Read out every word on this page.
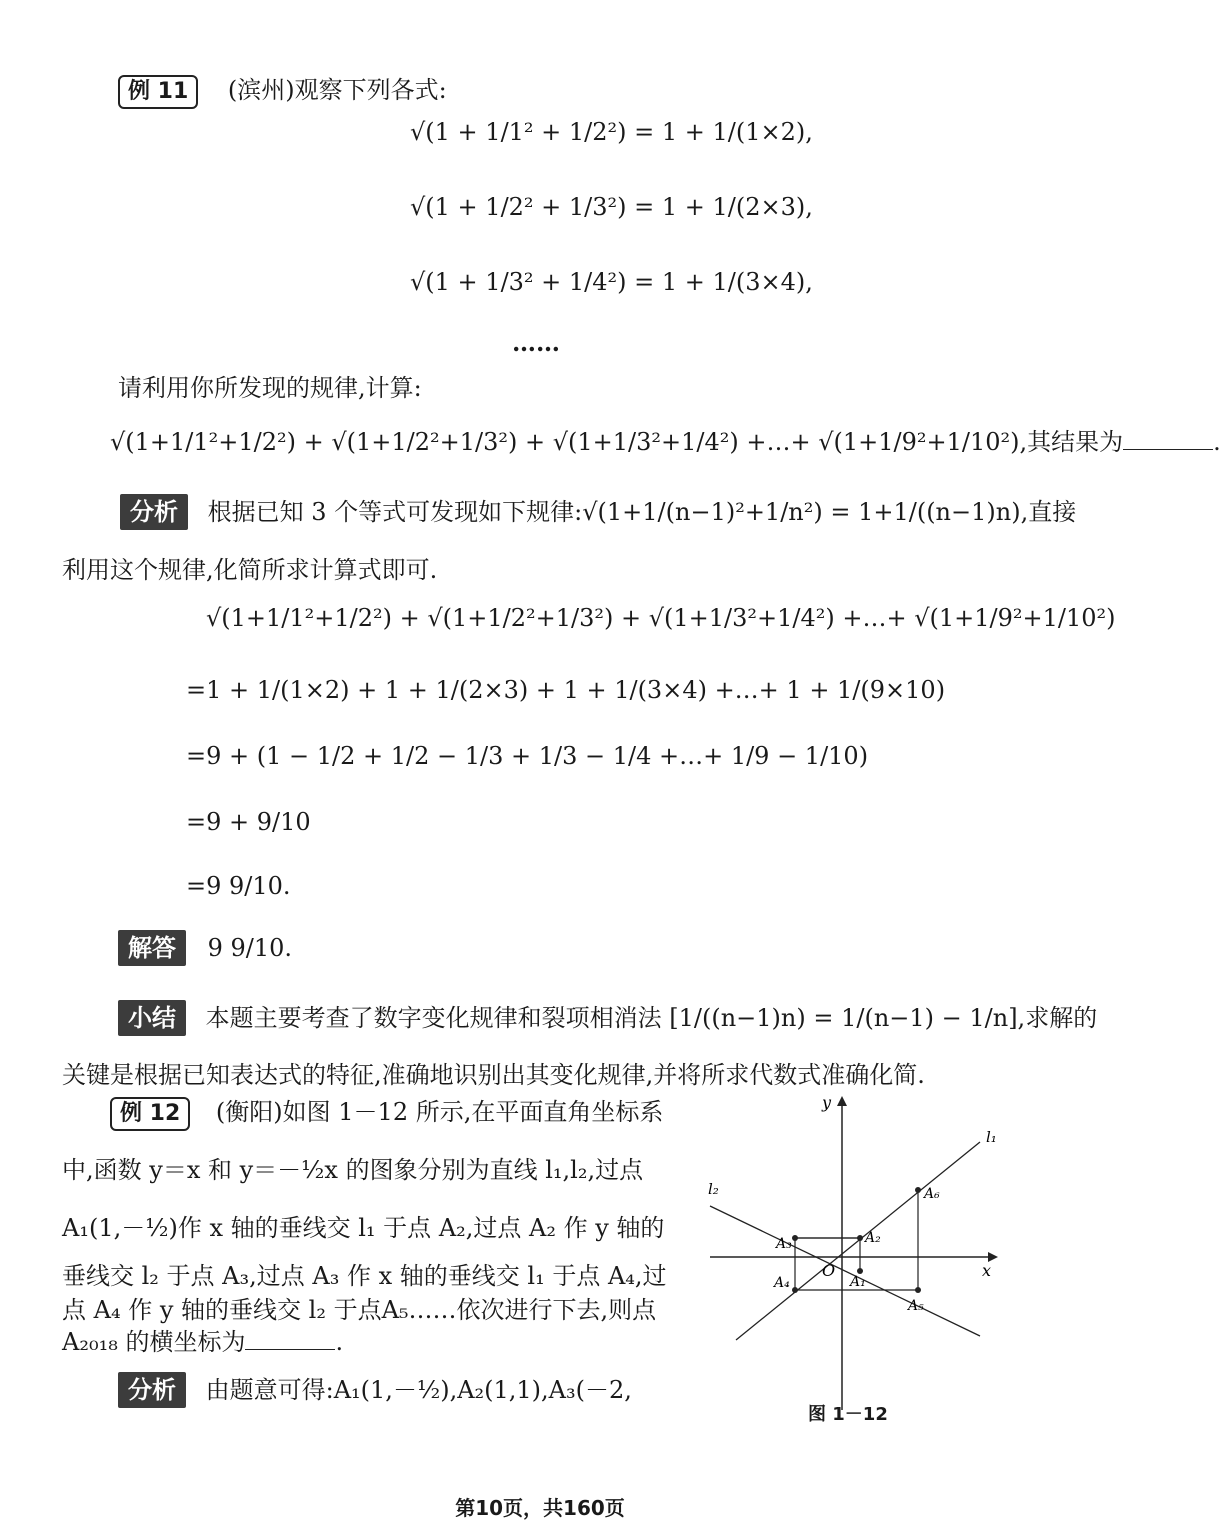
例 11 (滨州)观察下列各式:
√(1 + 1/1² + 1/2²) = 1 + 1/(1×2),
√(1 + 1/2² + 1/3²) = 1 + 1/(2×3),
√(1 + 1/3² + 1/4²) = 1 + 1/(3×4),
……
请利用你所发现的规律,计算:
√(1+1/1²+1/2²) + √(1+1/2²+1/3²) + √(1+1/3²+1/4²) +…+ √(1+1/9²+1/10²),其结果为	.
分析 根据已知 3 个等式可发现如下规律:√(1+1/(n−1)²+1/n²) = 1+1/((n−1)n),直接
利用这个规律,化简所求计算式即可.
√(1+1/1²+1/2²) + √(1+1/2²+1/3²) + √(1+1/3²+1/4²) +…+ √(1+1/9²+1/10²)
=1 + 1/(1×2) + 1 + 1/(2×3) + 1 + 1/(3×4) +…+ 1 + 1/(9×10)
=9 + (1 − 1/2 + 1/2 − 1/3 + 1/3 − 1/4 +…+ 1/9 − 1/10)
=9 + 9/10
=9 9/10.
解答 9 9/10.
小结 本题主要考查了数字变化规律和裂项相消法 [1/((n−1)n) = 1/(n−1) − 1/n],求解的
关键是根据已知表达式的特征,准确地识别出其变化规律,并将所求代数式准确化简.
例 12 (衡阳)如图 1－12 所示,在平面直角坐标系
中,函数 y＝x 和 y＝－½x 的图象分别为直线 l₁,l₂,过点
A₁(1,－½)作 x 轴的垂线交 l₁ 于点 A₂,过点 A₂ 作 y 轴的
垂线交 l₂ 于点 A₃,过点 A₃ 作 x 轴的垂线交 l₁ 于点 A₄,过
点 A₄ 作 y 轴的垂线交 l₂ 于点A₅……依次进行下去,则点
A₂₀₁₈ 的横坐标为	.
分析 由题意可得:A₁(1,－½),A₂(1,1),A₃(－2,
y
x
O
l₁
l₂
A₁
A₂
A₃
A₄
A₅
A₆
图 1－12
第10页，共160页
